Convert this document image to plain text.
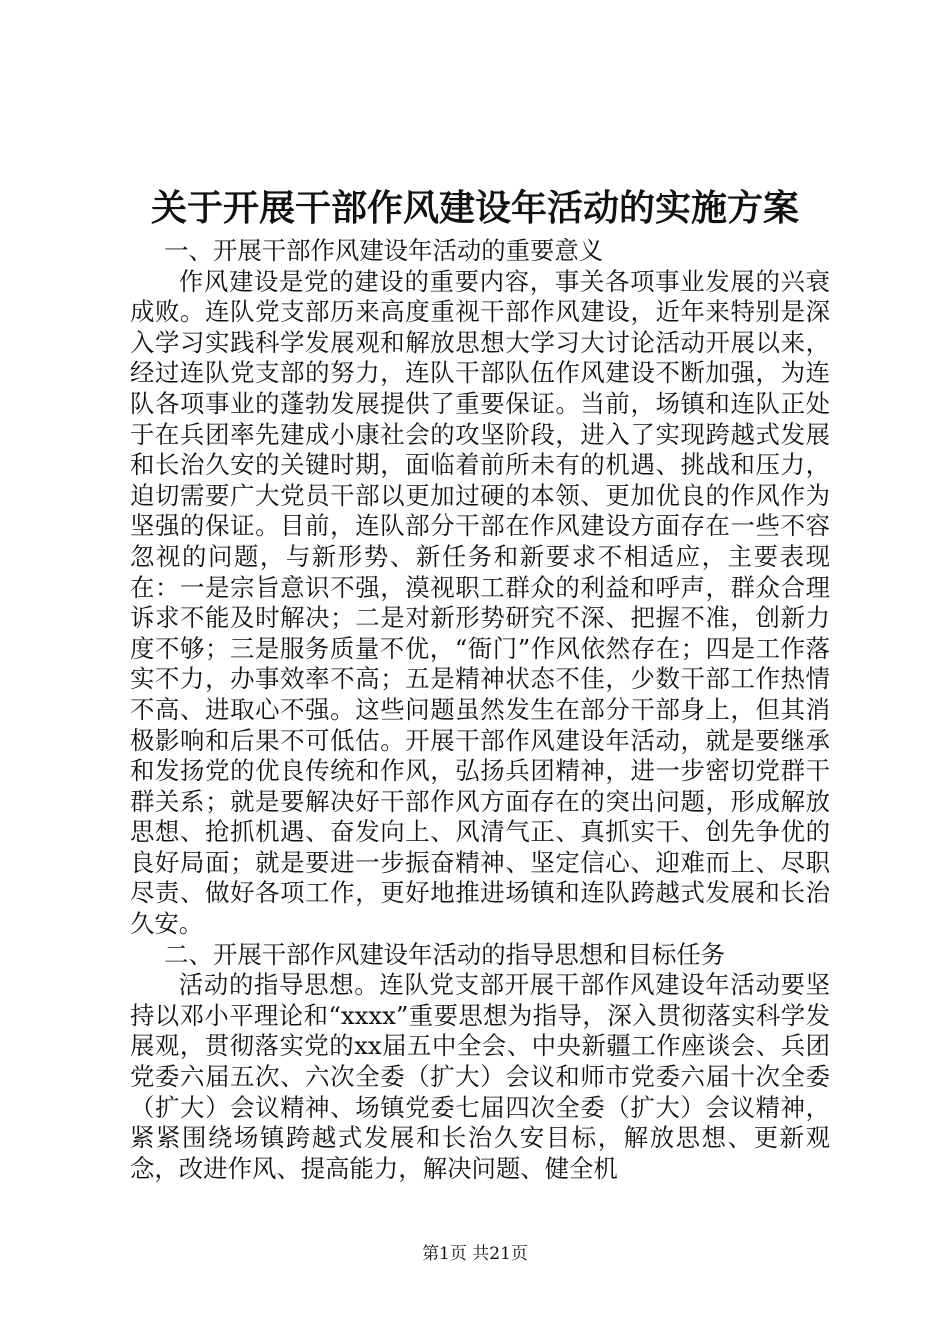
关于开展干部作风建设年活动的实施方案

一、开展干部作风建设年活动的重要意义

作风建设是党的建设的重要内容，事关各项事业发展的兴衰成败。连队党支部历来高度重视干部作风建设，近年来特别是深入学习实践科学发展观和解放思想大学习大讨论活动开展以来，经过连队党支部的努力，连队干部队伍作风建设不断加强，为连队各项事业的蓬勃发展提供了重要保证。当前，场镇和连队正处于在兵团率先建成小康社会的攻坚阶段，进入了实现跨越式发展和长治久安的关键时期，面临着前所未有的机遇、挑战和压力，迫切需要广大党员干部以更加过硬的本领、更加优良的作风作为坚强的保证。目前，连队部分干部在作风建设方面存在一些不容忽视的问题，与新形势、新任务和新要求不相适应，主要表现在：一是宗旨意识不强，漠视职工群众的利益和呼声，群众合理诉求不能及时解决；二是对新形势研究不深、把握不准，创新力度不够；三是服务质量不优，“衙门”作风依然存在；四是工作落实不力，办事效率不高；五是精神状态不佳，少数干部工作热情不高、进取心不强。这些问题虽然发生在部分干部身上，但其消极影响和后果不可低估。开展干部作风建设年活动，就是要继承和发扬党的优良传统和作风，弘扬兵团精神，进一步密切党群干群关系；就是要解决好干部作风方面存在的突出问题，形成解放思想、抢抓机遇、奋发向上、风清气正、真抓实干、创先争优的良好局面；就是要进一步振奋精神、坚定信心、迎难而上、尽职尽责、做好各项工作，更好地推进场镇和连队跨越式发展和长治久安。

二、开展干部作风建设年活动的指导思想和目标任务

活动的指导思想。连队党支部开展干部作风建设年活动要坚持以邓小平理论和“xxxx”重要思想为指导，深入贯彻落实科学发展观，贯彻落实党的xx届五中全会、中央新疆工作座谈会、兵团党委六届五次、六次全委（扩大）会议和师市党委六届十次全委（扩大）会议精神、场镇党委七届四次全委（扩大）会议精神，紧紧围绕场镇跨越式发展和长治久安目标，解放思想、更新观念，改进作风、提高能力，解决问题、健全机

第1页 共21页
